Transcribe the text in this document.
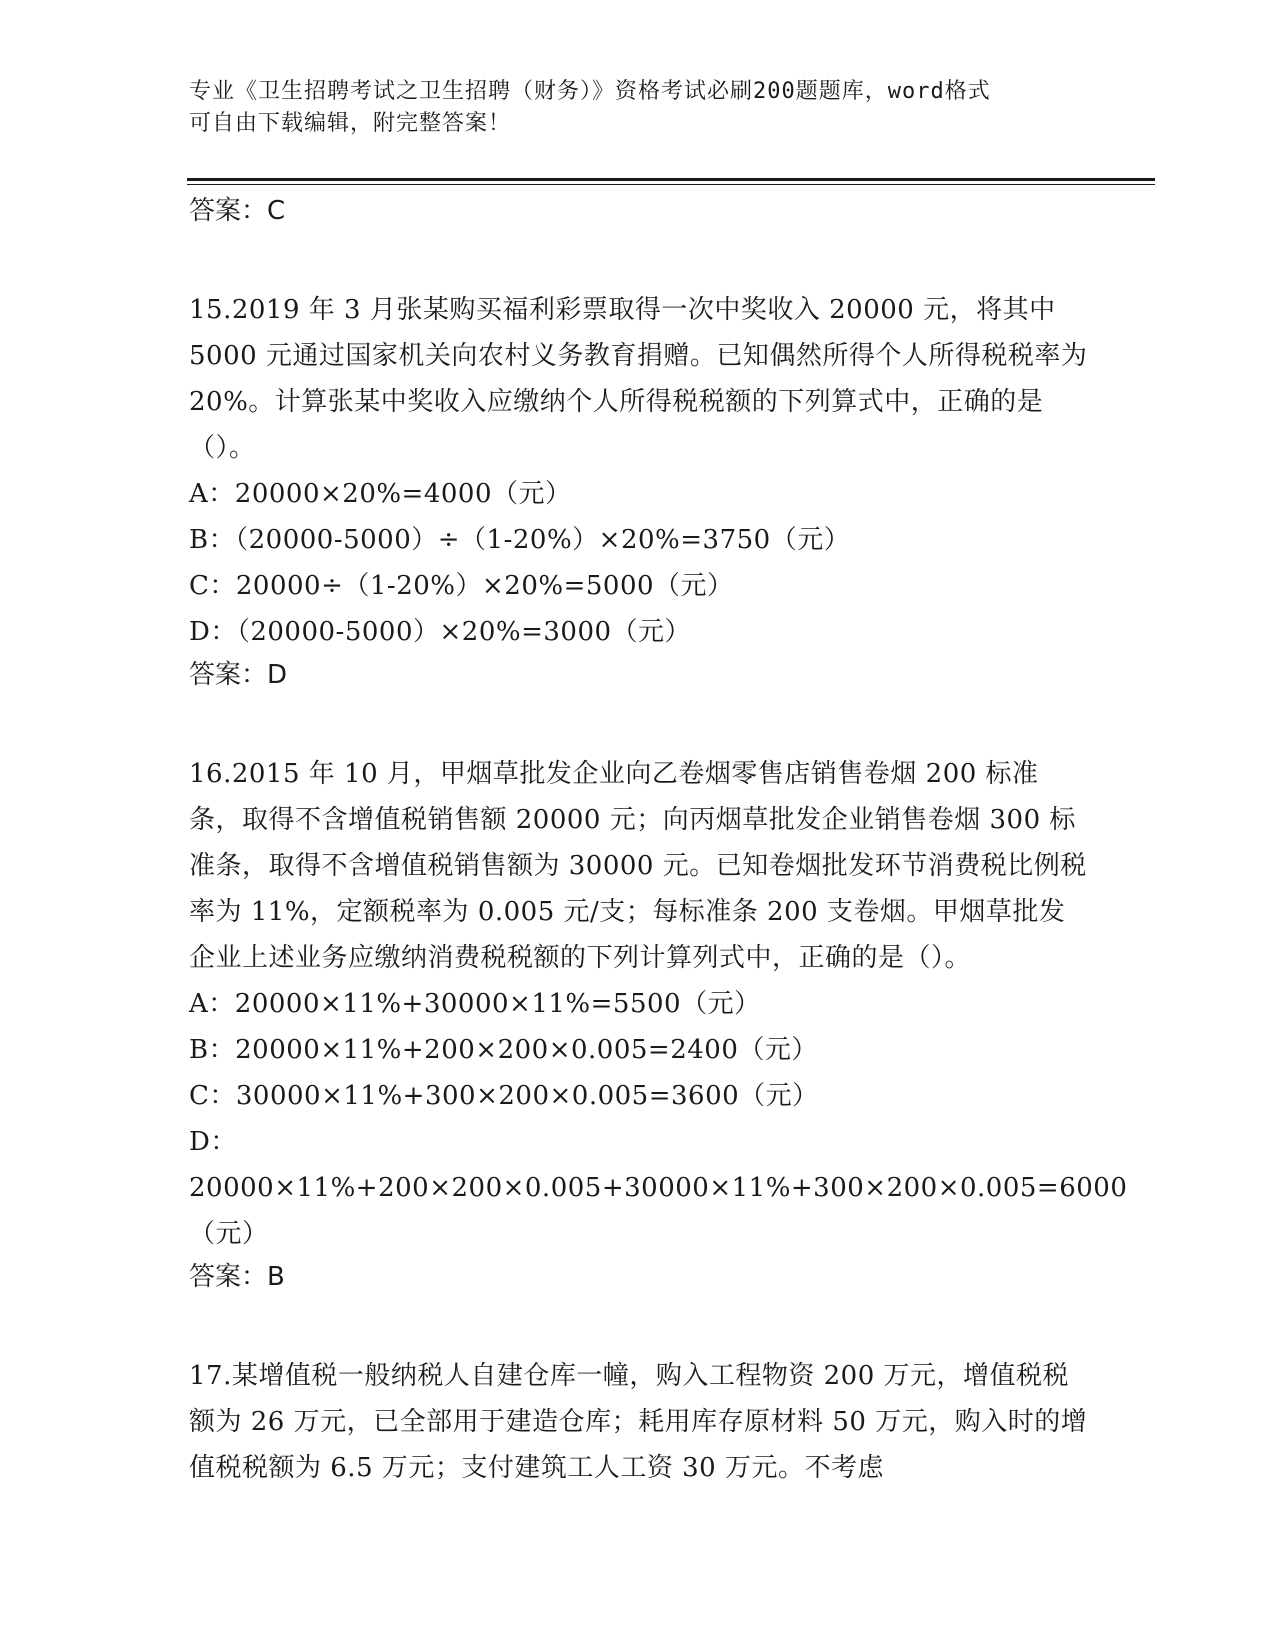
专业《卫生招聘考试之卫生招聘（财务）》资格考试必刷200题题库，word格式
可自由下载编辑，附完整答案！

答案：C

15.2019 年 3 月张某购买福利彩票取得一次中奖收入 20000 元，将其中 5000 元通过国家机关向农村义务教育捐赠。已知偶然所得个人所得税税率为 20%。计算张某中奖收入应缴纳个人所得税税额的下列算式中，正确的是（）。

A：20000×20%=4000（元）

B：（20000-5000）÷（1-20%）×20%=3750（元）

C：20000÷（1-20%）×20%=5000（元）

D：（20000-5000）×20%=3000（元）

答案：D

16.2015 年 10 月，甲烟草批发企业向乙卷烟零售店销售卷烟 200 标准条，取得不含增值税销售额 20000 元；向丙烟草批发企业销售卷烟 300 标准条，取得不含增值税销售额为 30000 元。已知卷烟批发环节消费税比例税率为 11%，定额税率为 0.005 元/支；每标准条 200 支卷烟。甲烟草批发企业上述业务应缴纳消费税税额的下列计算列式中，正确的是（）。

A：20000×11%+30000×11%=5500（元）

B：20000×11%+200×200×0.005=2400（元）

C：30000×11%+300×200×0.005=3600（元）

D：20000×11%+200×200×0.005+30000×11%+300×200×0.005=6000（元）

答案：B

17.某增值税一般纳税人自建仓库一幢，购入工程物资 200 万元，增值税税额为 26 万元，已全部用于建造仓库；耗用库存原材料 50 万元，购入时的增值税税额为 6.5 万元；支付建筑工人工资 30 万元。不考虑
